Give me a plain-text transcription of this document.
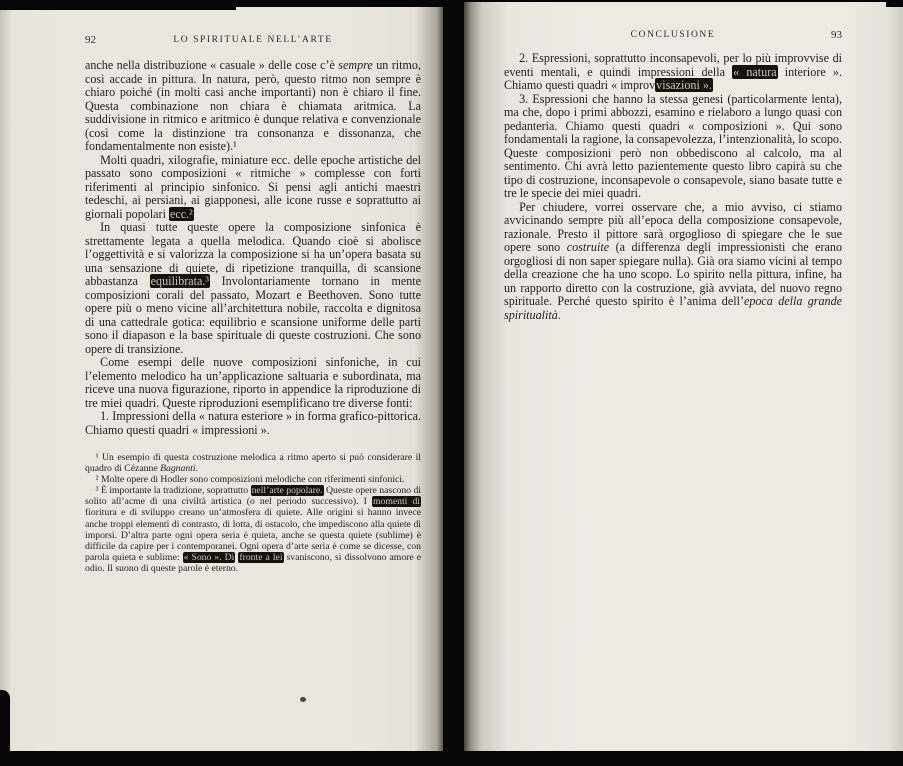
92	LO SPIRITUALE NELL’ARTE

anche nella distribuzione « casuale » delle cose c’è sempre un ritmo, così accade in pittura. In natura, però, questo ritmo non sempre è chiaro poiché (in molti casi anche importanti) non è chiaro il fine. Questa combinazione non chiara è chiamata aritmica. La suddivisione in ritmico e aritmico è dunque relativa e convenzionale (così come la distinzione tra consonanza e dissonanza, che fondamentalmente non esiste).¹

Molti quadri, xilografie, miniature ecc. delle epoche artistiche del passato sono composizioni « ritmiche » complesse con forti riferimenti al principio sinfonico. Si pensi agli antichi maestri tedeschi, ai persiani, ai giapponesi, alle icone russe e soprattutto ai giornali popolari ecc.²

In quasi tutte queste opere la composizione sinfonica è strettamente legata a quella melodica. Quando cioè si abolisce l’oggettività e si valorizza la composizione si ha un’opera basata su una sensazione di quiete, di ripetizione tranquilla, di scansione abbastanza equilibrata.³ Involontariamente tornano in mente composizioni corali del passato, Mozart e Beethoven. Sono tutte opere più o meno vicine all’architettura nobile, raccolta e dignitosa di una cattedrale gotica: equilibrio e scansione uniforme delle parti sono il diapason e la base spirituale di queste costruzioni. Che sono opere di transizione.

Come esempi delle nuove composizioni sinfoniche, in cui l’elemento melodico ha un’applicazione saltuaria e subordinata, ma riceve una nuova figurazione, riporto in appendice la riproduzione di tre miei quadri. Queste riproduzioni esemplificano tre diverse fonti:

1. Impressioni della « natura esteriore » in forma grafico-pittorica. Chiamo questi quadri « impressioni ».

¹ Un esempio di questa costruzione melodica a ritmo aperto si può considerare il quadro di Cézanne Bagnanti.

² Molte opere di Hodler sono composizioni melodiche con riferimenti sinfonici.

³ È importante la tradizione, soprattutto nell’arte popolare. Queste opere nascono di solito all’acme di una civiltà artistica (o nel periodo successivo). I momenti di fioritura e di sviluppo creano un’atmosfera di quiete. Alle origini si hanno invece anche troppi elementi di contrasto, di lotta, di ostacolo, che impediscono alla quiete di imporsi. D’altra parte ogni opera seria è quieta, anche se questa quiete (sublime) è difficile da capire per i contemporanei. Ogni opera d’arte seria è come se dicesse, con parola quieta e sublime: « Sono ». Di fronte a lei svaniscono, si dissolvono amore e odio. Il suono di queste parole è eterno.

CONCLUSIONE	93

2. Espressioni, soprattutto inconsapevoli, per lo più improvvise di eventi mentali, e quindi impressioni della « natura interiore ». Chiamo questi quadri « improvvisazioni ».

3. Espressioni che hanno la stessa genesi (particolarmente lenta), ma che, dopo i primi abbozzi, esamino e rielaboro a lungo quasi con pedanteria. Chiamo questi quadri « composizioni ». Qui sono fondamentali la ragione, la consapevolezza, l’intenzionalità, lo scopo. Queste composizioni però non obbediscono al calcolo, ma al sentimento. Chi avrà letto pazientemente questo libro capirà su che tipo di costruzione, inconsapevole o consapevole, siano basate tutte e tre le specie dei miei quadri.

Per chiudere, vorrei osservare che, a mio avviso, ci stiamo avvicinando sempre più all’epoca della composizione consapevole, razionale. Presto il pittore sarà orgoglioso di spiegare che le sue opere sono costruite (a differenza degli impressionisti che erano orgogliosi di non saper spiegare nulla). Già ora siamo vicini al tempo della creazione che ha uno scopo. Lo spirito nella pittura, infine, ha un rapporto diretto con la costruzione, già avviata, del nuovo regno spirituale. Perché questo spirito è l’anima dell’epoca della grande spiritualità.
